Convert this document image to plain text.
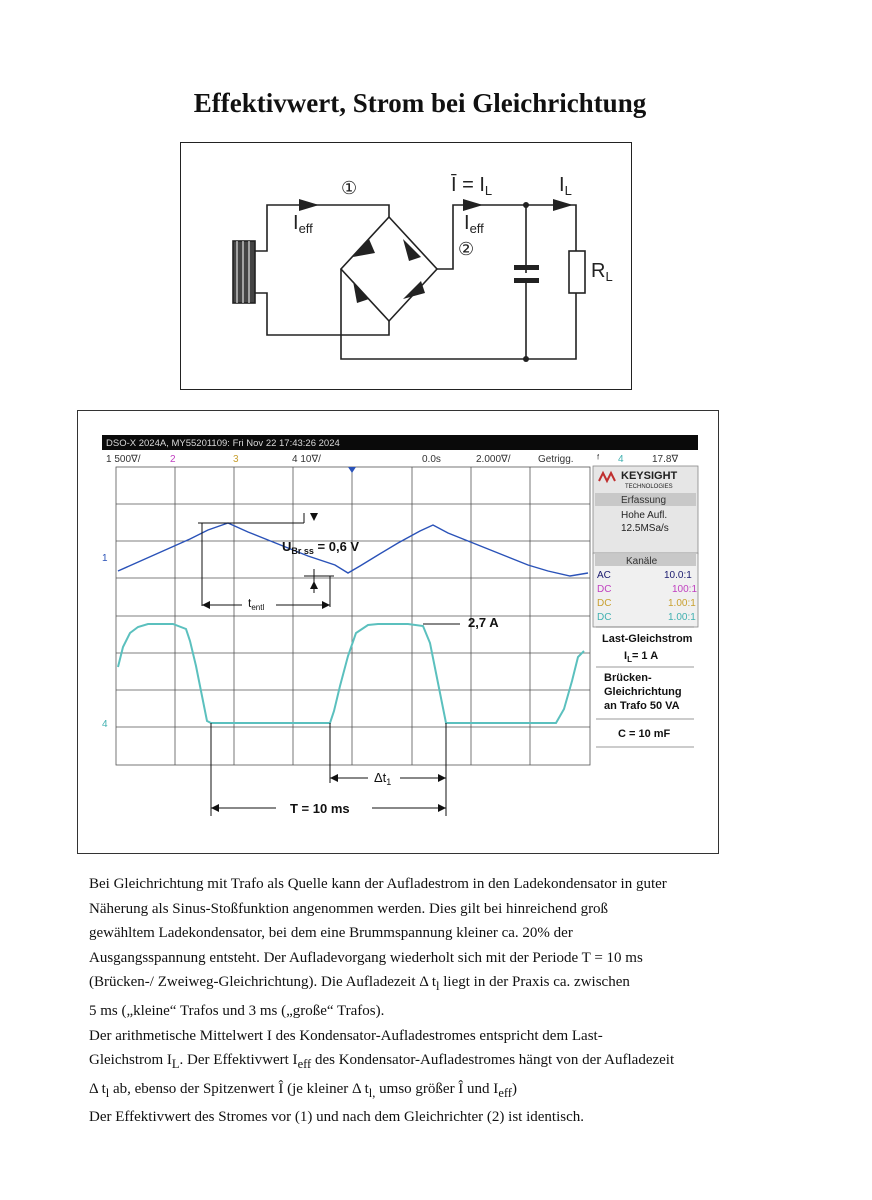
Effektivwert, Strom bei Gleichrichtung
①
②
$I_{eff}$	$I_{eff}$
Ī = $I_L$	$I_L$
$R_L$
DSO-X 2024A, MY55201109: Fri Nov 22 17:43:26 2024
1 500∇/	2	3	4 10∇/	0.0s	2.000∇/	Getrigg. ᶠ 4	17.8∇
1
4
$U_{Br ss} = 0,6$ V
$t_{entl}$
2,7 A
$\Delta t_1$
T = 10 ms
KEYSIGHT
TECHNOLOGIES
Erfassung
Hohe Aufl.
12.5MSa/s
Kanäle
AC	10.0:1
DC	100:1
DC	1.00:1
DC	1.00:1
Last-Gleichstrom
$I_L= 1$ A
Brücken-
Gleichrichtung
an Trafo 50 VA
C = 10 mF

Bei Gleichrichtung mit Trafo als Quelle kann der Aufladestrom in den Ladekondensator in guter

Näherung als Sinus-Stoßfunktion angenommen werden. Dies gilt bei hinreichend groß

gewähltem Ladekondensator, bei dem eine Brummspannung kleiner ca. 20% der

Ausgangsspannung entsteht. Der Aufladevorgang wiederholt sich mit der Periode T = 10 ms

(Brücken-/ Zweiweg-Gleichrichtung). Die Aufladezeit Δ $t_l$ liegt in der Praxis ca. zwischen

5 ms („kleine“ Trafos und 3 ms („große“ Trafos).

Der arithmetische Mittelwert I des Kondensator-Aufladestromes entspricht dem Last-

Gleichstrom $I_L$. Der Effektivwert $I_{eff}$ des Kondensator-Aufladestromes hängt von der Aufladezeit

Δ $t_l$ ab, ebenso der Spitzenwert Î (je kleiner Δ $t_{l,}$ umso größer Î und $I_{eff}$)

Der Effektivwert des Stromes vor (1) und nach dem Gleichrichter (2) ist identisch.
